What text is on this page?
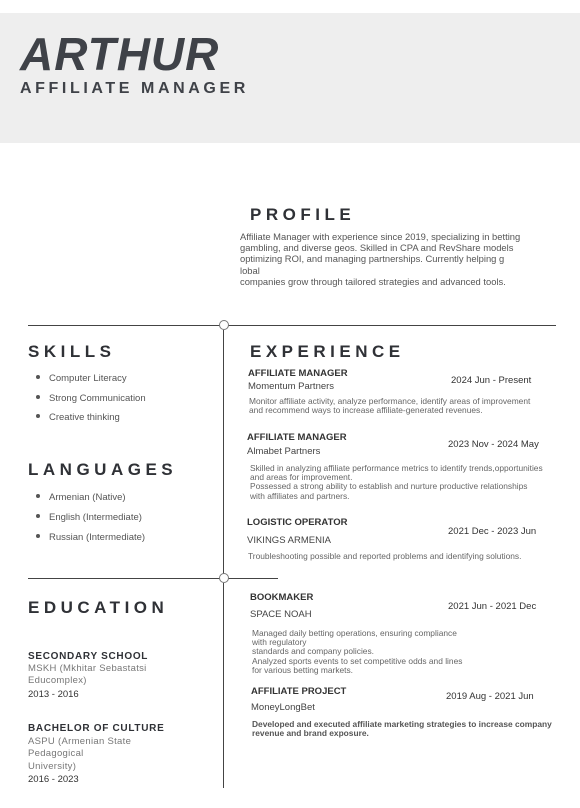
ARTHUR
AFFILIATE MANAGER
PROFILE
Affiliate Manager with experience since 2019, specializing in betting
gambling, and diverse geos. Skilled in CPA and RevShare models
optimizing ROI, and managing partnerships. Currently helping g
lobal
companies grow through tailored strategies and advanced tools.
SKILLS
Computer Literacy
Strong Communication
Creative thinking
LANGUAGES
Armenian (Native)
English (Intermediate)
Russian (Intermediate)
EDUCATION
SECONDARY SCHOOL
MSKH (Mkhitar Sebastatsi
Educomplex)
2013 - 2016
BACHELOR OF CULTURE
ASPU (Armenian State
Pedagogical
University)
2016 - 2023
EXPERIENCE
AFFILIATE MANAGER
Momentum Partners
2024 Jun - Present
Monitor affiliate activity, analyze performance, identify areas of improvement
and recommend ways to increase affiliate-generated revenues.
AFFILIATE MANAGER
Almabet Partners
2023 Nov - 2024 May
Skilled in analyzing affiliate performance metrics to identify trends,opportunities
and areas for improvement.
Possessed a strong ability to establish and nurture productive relationships
with affiliates and partners.
LOGISTIC OPERATOR
VIKINGS ARMENIA
2021 Dec - 2023 Jun
Troubleshooting possible and reported problems and identifying solutions.
BOOKMAKER
SPACE NOAH
2021 Jun - 2021 Dec
Managed daily betting operations, ensuring compliance
with regulatory
standards and company policies.
Analyzed sports events to set competitive odds and lines
for various betting markets.
AFFILIATE PROJECT
MoneyLongBet
2019 Aug - 2021 Jun
Developed and executed affiliate marketing strategies to increase company
revenue and brand exposure.
